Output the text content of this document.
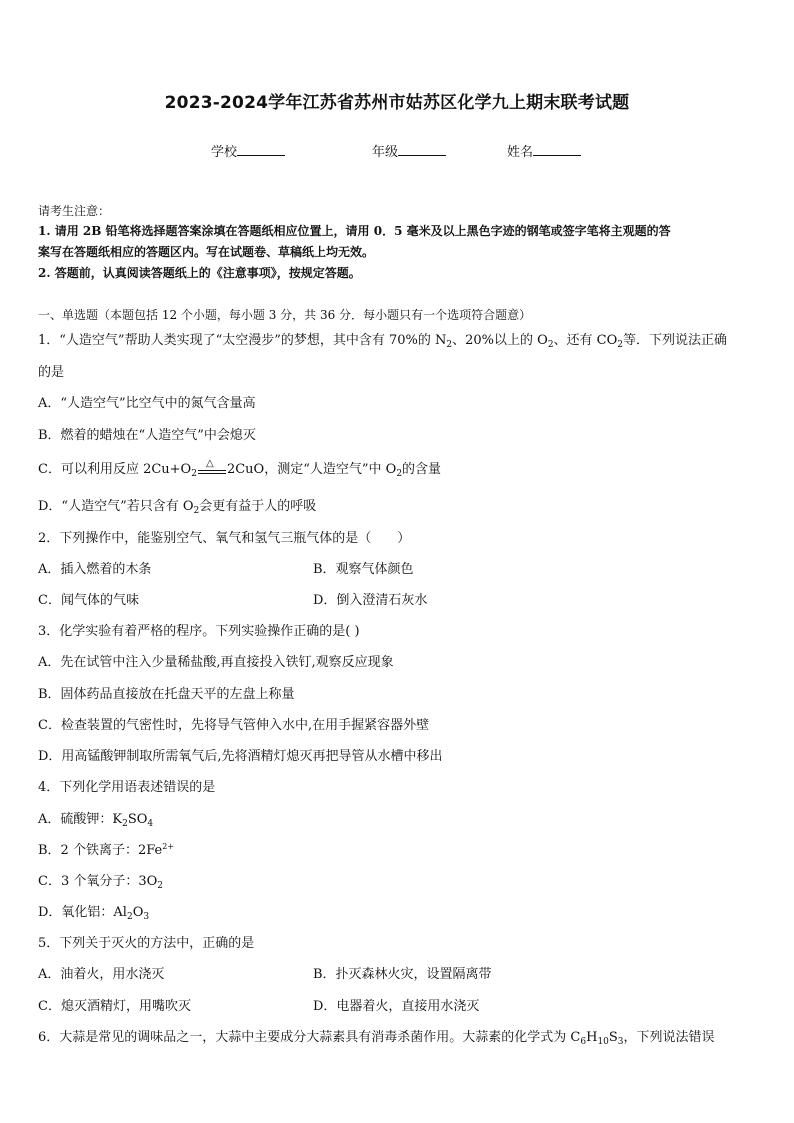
2023-2024学年江苏省苏州市姑苏区化学九上期末联考试题
学校	年级	姓名
请考生注意：
1. 请用 2B 铅笔将选择题答案涂填在答题纸相应位置上，请用 0．5 毫米及以上黑色字迹的钢笔或签字笔将主观题的答
案写在答题纸相应的答题区内。写在试题卷、草稿纸上均无效。
2. 答题前，认真阅读答题纸上的《注意事项》，按规定答题。
一、单选题（本题包括 12 个小题，每小题 3 分，共 36 分．每小题只有一个选项符合题意）
1．“人造空气”帮助人类实现了“太空漫步”的梦想，其中含有 70%的 $N_2$、20%以上的 $O_2$、还有 $CO_2$等．下列说法正确
的是
A．“人造空气”比空气中的氮气含量高
B．燃着的蜡烛在“人造空气”中会熄灭
C．可以利用反应 $2Cu+O_2$
△ 2CuO，测定“人造空气”中 $O_2$的含量
D．“人造空气”若只含有 $O_2$会更有益于人的呼吸
2．下列操作中，能鉴别空气、氧气和氢气三瓶气体的是（　　）
A．插入燃着的木条	B．观察气体颜色
C．闻气体的气味	D．倒入澄清石灰水
3．化学实验有着严格的程序。下列实验操作正确的是( )
A．先在试管中注入少量稀盐酸,再直接投入铁钉,观察反应现象
B．固体药品直接放在托盘天平的左盘上称量
C．检查装置的气密性时，先将导气管伸入水中,在用手握紧容器外壁
D．用高锰酸钾制取所需氧气后,先将酒精灯熄灭再把导管从水槽中移出
4．下列化学用语表述错误的是
A．硫酸钾：$K_2SO_4$
B．2 个铁离子：$2Fe^{2+}$
C．3 个氧分子：$3O_2$
D．氧化铝：$Al_2O_3$
5．下列关于灭火的方法中，正确的是
A．油着火，用水浇灭	B．扑灭森林火灾，设置隔离带
C．熄灭酒精灯，用嘴吹灭	D．电器着火，直接用水浇灭
6．大蒜是常见的调味品之一，大蒜中主要成分大蒜素具有消毒杀菌作用。大蒜素的化学式为 $C_6H_{10}S_3$，下列说法错误
